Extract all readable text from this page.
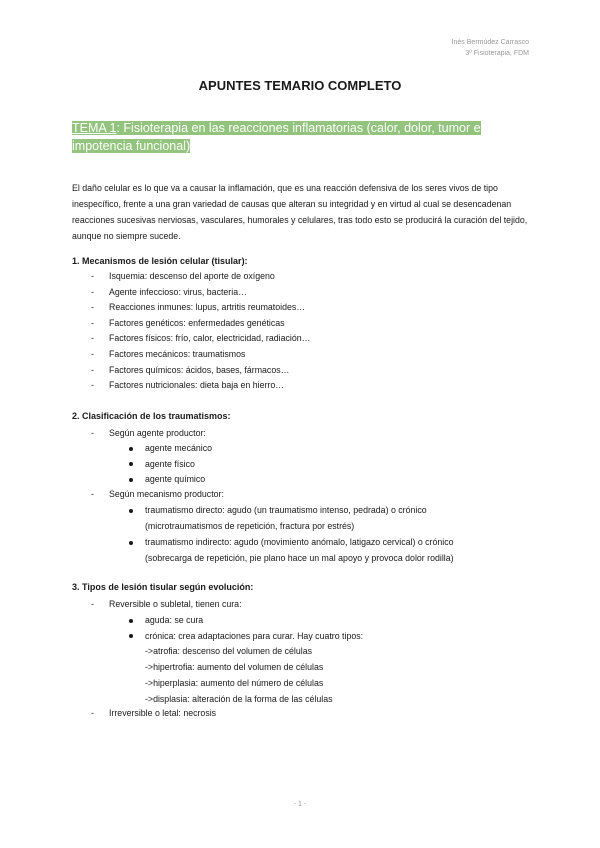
Inés Bermúdez Carrasco
3º Fisioterapia, FDM
APUNTES TEMARIO COMPLETO
TEMA 1: Fisioterapia en las reacciones inflamatorias (calor, dolor, tumor e impotencia funcional)
El daño celular es lo que va a causar la inflamación, que es una reacción defensiva de los seres vivos de tipo inespecífico, frente a una gran variedad de causas que alteran su integridad y en virtud al cual se desencadenan reacciones sucesivas nerviosas, vasculares, humorales y celulares, tras todo esto se producirá la curación del tejido, aunque no siempre sucede.
1. Mecanismos de lesión celular (tisular):
- Isquemia: descenso del aporte de oxígeno
- Agente infeccioso: virus, bacteria…
- Reacciones inmunes: lupus, artritis reumatoides…
- Factores genéticos: enfermedades genéticas
- Factores físicos: frío, calor, electricidad, radiación…
- Factores mecánicos: traumatismos
- Factores químicos: ácidos, bases, fármacos…
- Factores nutricionales: dieta baja en hierro…
2. Clasificación de los traumatismos:
- Según agente productor:
agente mecánico
agente físico
agente químico
- Según mecanismo productor:
traumatismo directo: agudo (un traumatismo intenso, pedrada) o crónico
(microtraumatismos de repetición, fractura por estrés)
traumatismo indirecto: agudo (movimiento anómalo, latigazo cervical) o crónico
(sobrecarga de repetición, pie plano hace un mal apoyo y provoca dolor rodilla)
3. Tipos de lesión tisular según evolución:
- Reversible o subletal, tienen cura:
aguda: se cura
crónica: crea adaptaciones para curar. Hay cuatro tipos:
->atrofia: descenso del volumen de células
->hipertrofia: aumento del volumen de células
->hiperplasia: aumento del número de células
->displasia: alteración de la forma de las células
- Irreversible o letal: necrosis
- 1 -
